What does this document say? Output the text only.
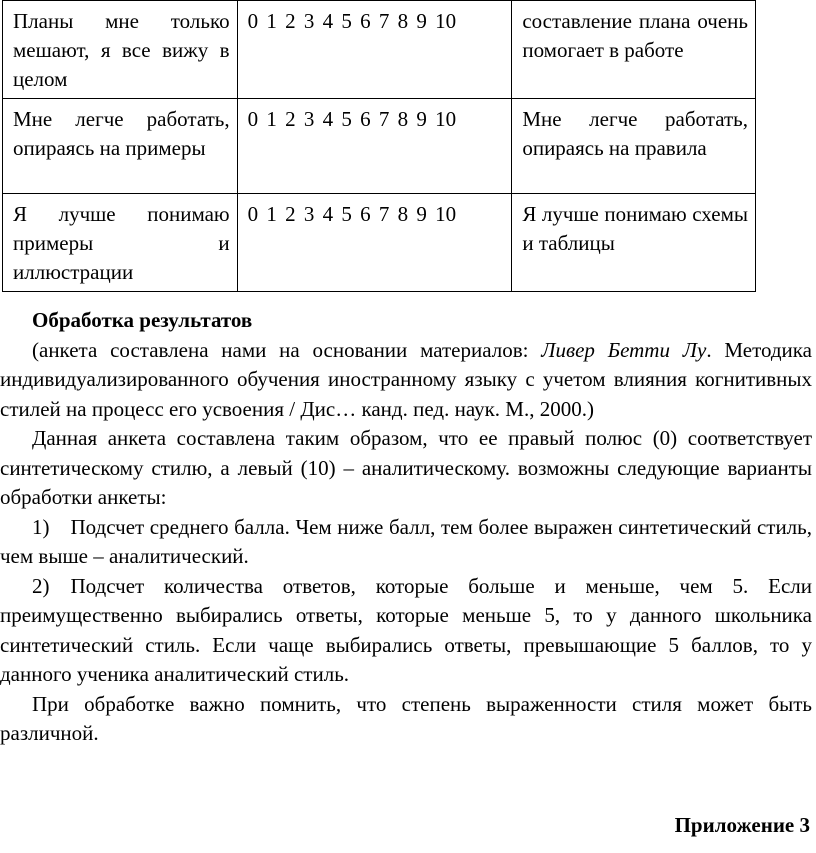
Планы мне только мешают, я все вижу в целом	0 1 2 3 4 5 6 7 8 9 10	составление плана очень помогает в работе
Мне легче работать, опираясь на примеры	0 1 2 3 4 5 6 7 8 9 10	Мне легче работать, опираясь на правила
Я лучше понимаю примеры и иллюстрации	0 1 2 3 4 5 6 7 8 9 10	Я лучше понимаю схемы и таблицы

Обработка результатов

(анкета составлена нами на основании материалов: Ливер Бетти Лу. Методика индивидуализированного обучения иностранному языку с учетом влияния когнитивных стилей на процесс его усвоения / Дис… канд. пед. наук. М., 2000.)

Данная анкета составлена таким образом, что ее правый полюс (0) соответствует синтетическому стилю, а левый (10) – аналитическому. возможны следующие варианты обработки анкеты:

1) Подсчет среднего балла. Чем ниже балл, тем более выражен синтетический стиль, чем выше – аналитический.

2) Подсчет количества ответов, которые больше и меньше, чем 5. Если преимущественно выбирались ответы, которые меньше 5, то у данного школьника синтетический стиль. Если чаще выбирались ответы, превышающие 5 баллов, то у данного ученика аналитический стиль.

При обработке важно помнить, что степень выраженности стиля может быть различной.

Приложение 3
